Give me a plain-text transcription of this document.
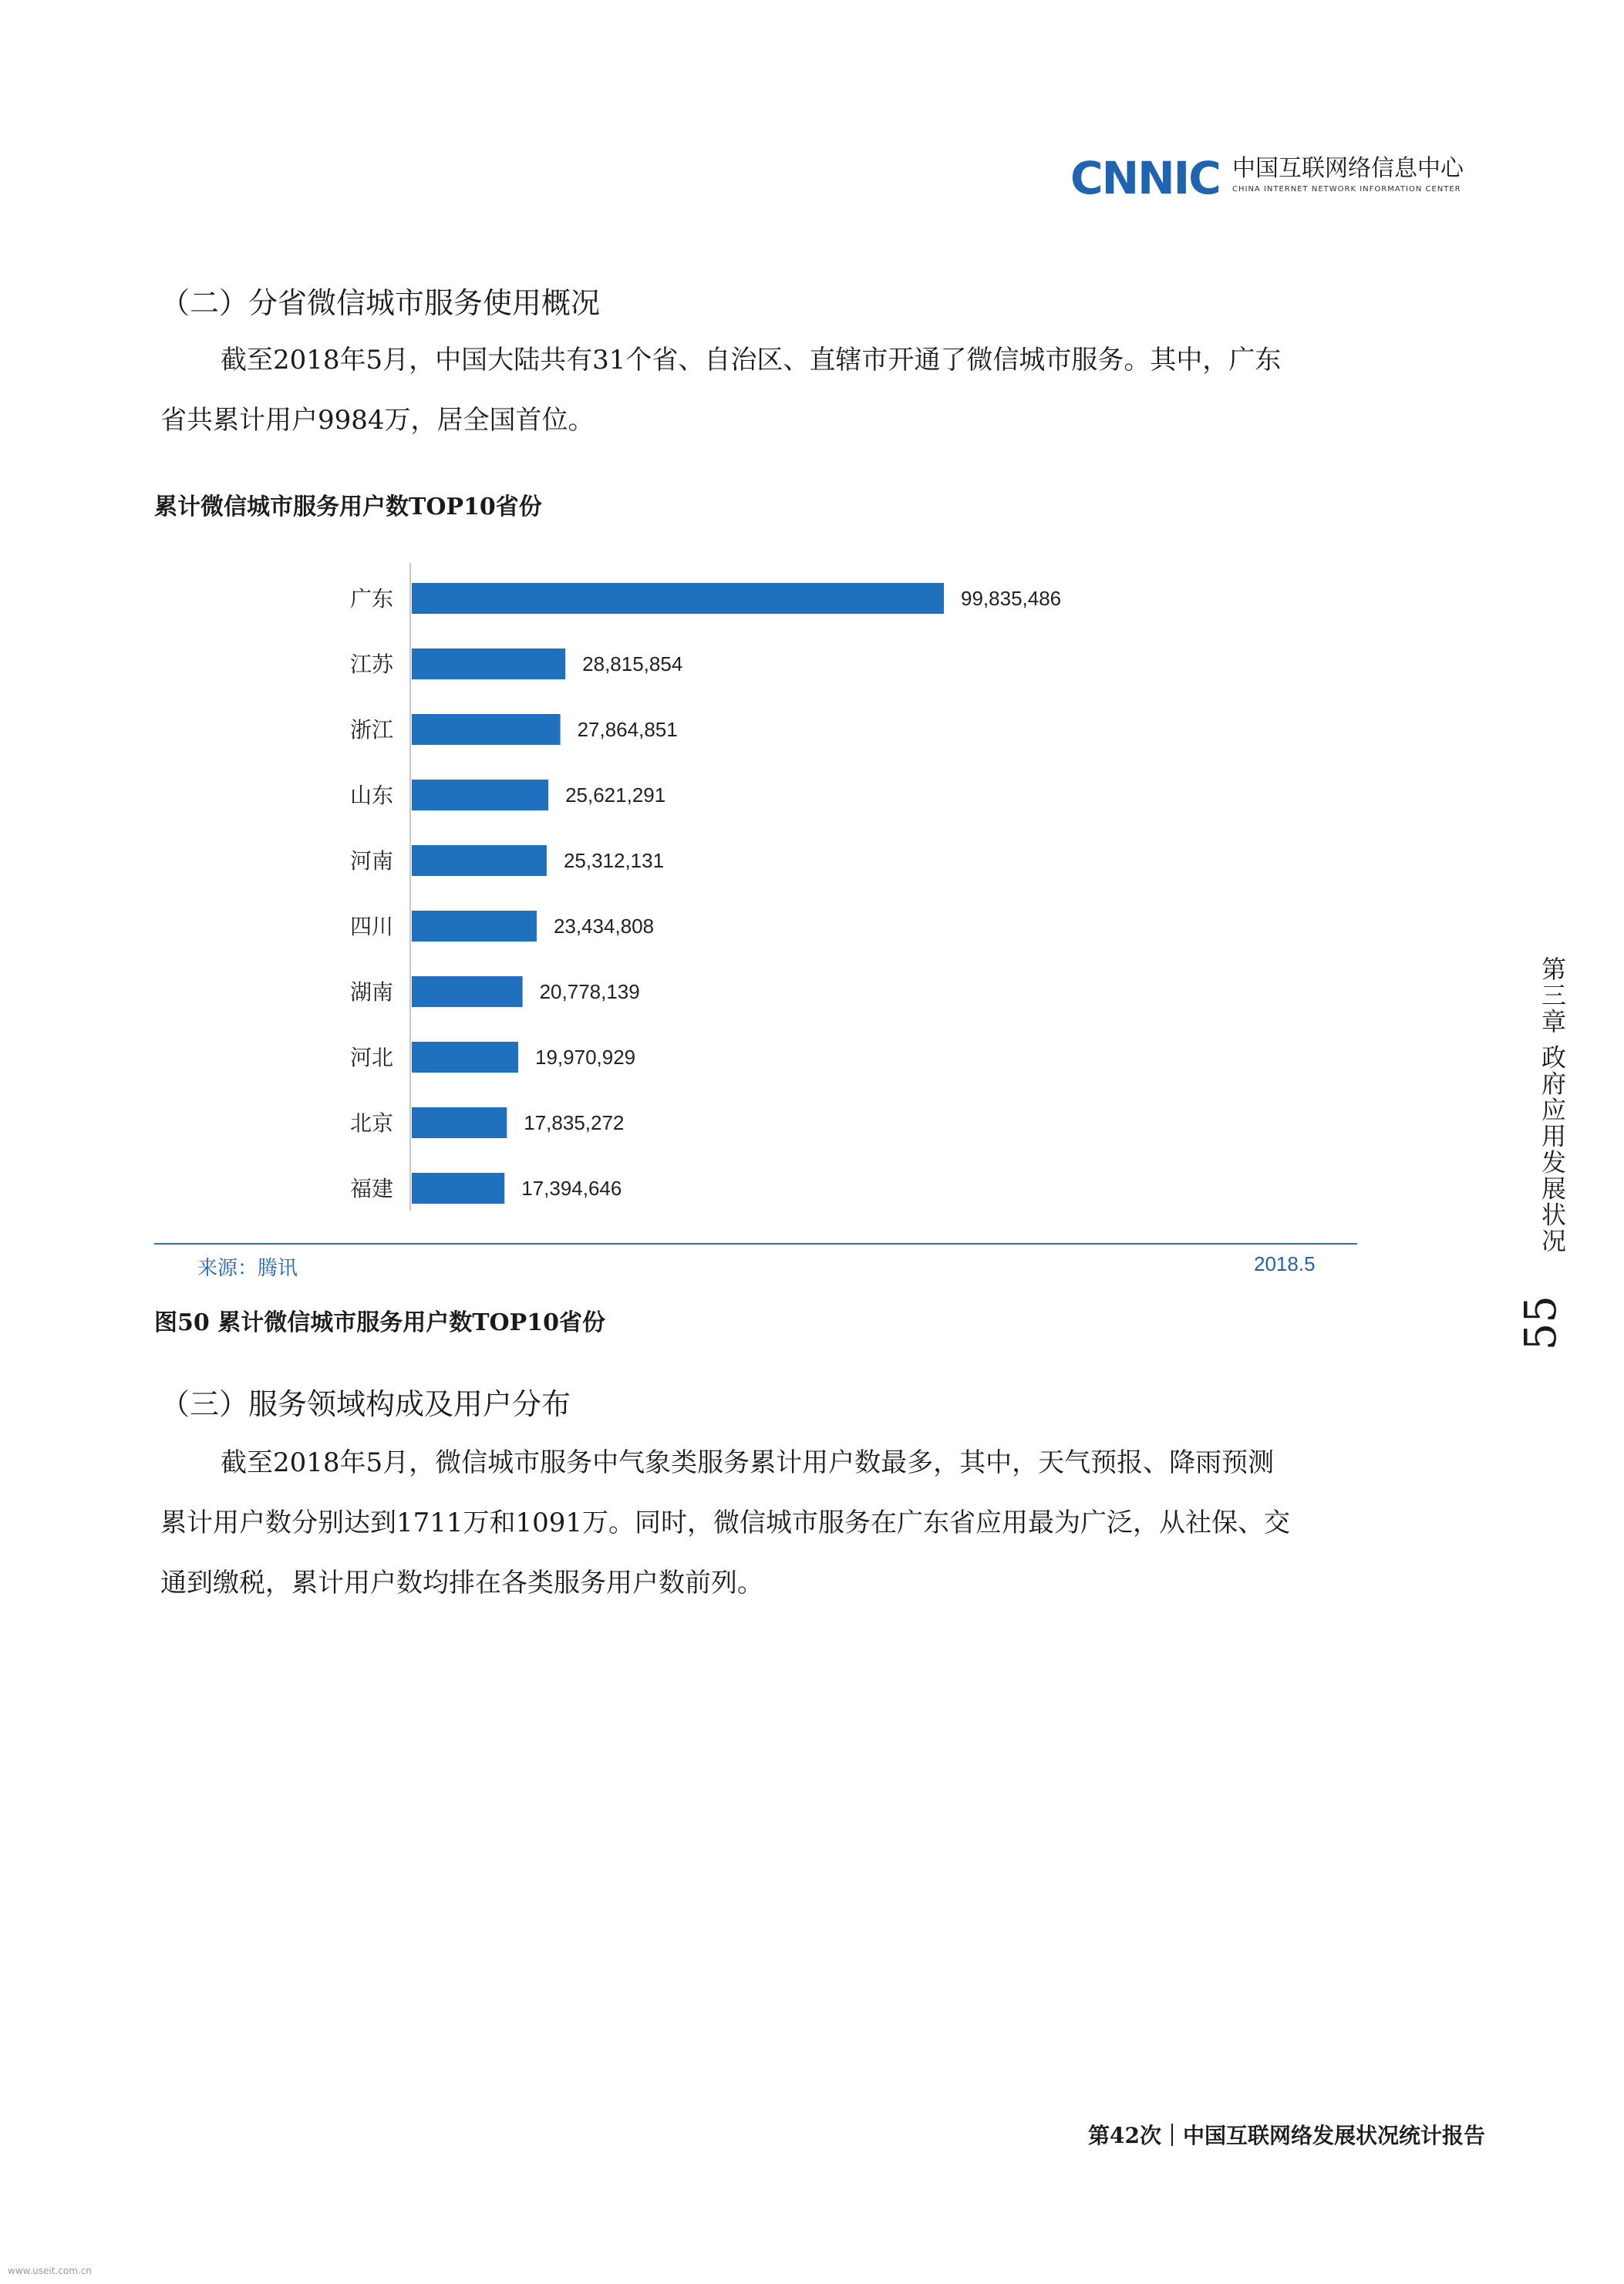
CNNIC 中国互联网络信息中心
CHINA INTERNET NETWORK INFORMATION CENTER
（二）分省微信城市服务使用概况

截至2018年5月，中国大陆共有31个省、自治区、直辖市开通了微信城市服务。其中，广东

省共累计用户9984万，居全国首位。

累计微信城市服务用户数TOP10省份
广东	99,835,486
江苏	28,815,854
浙江	27,864,851
山东	25,621,291
河南	25,312,131
四川	23,434,808
湖南	20,778,139
河北	19,970,929
北京	17,835,272
福建	17,394,646
来源：腾讯	2018.5
图50 累计微信城市服务用户数TOP10省份
（三）服务领域构成及用户分布

截至2018年5月，微信城市服务中气象类服务累计用户数最多，其中，天气预报、降雨预测

累计用户数分别达到1711万和1091万。同时，微信城市服务在广东省应用最为广泛，从社保、交

通到缴税，累计用户数均排在各类服务用户数前列。

第三章 政府应用发展状况
55
第42次｜中国互联网络发展状况统计报告
www.useit.com.cn
